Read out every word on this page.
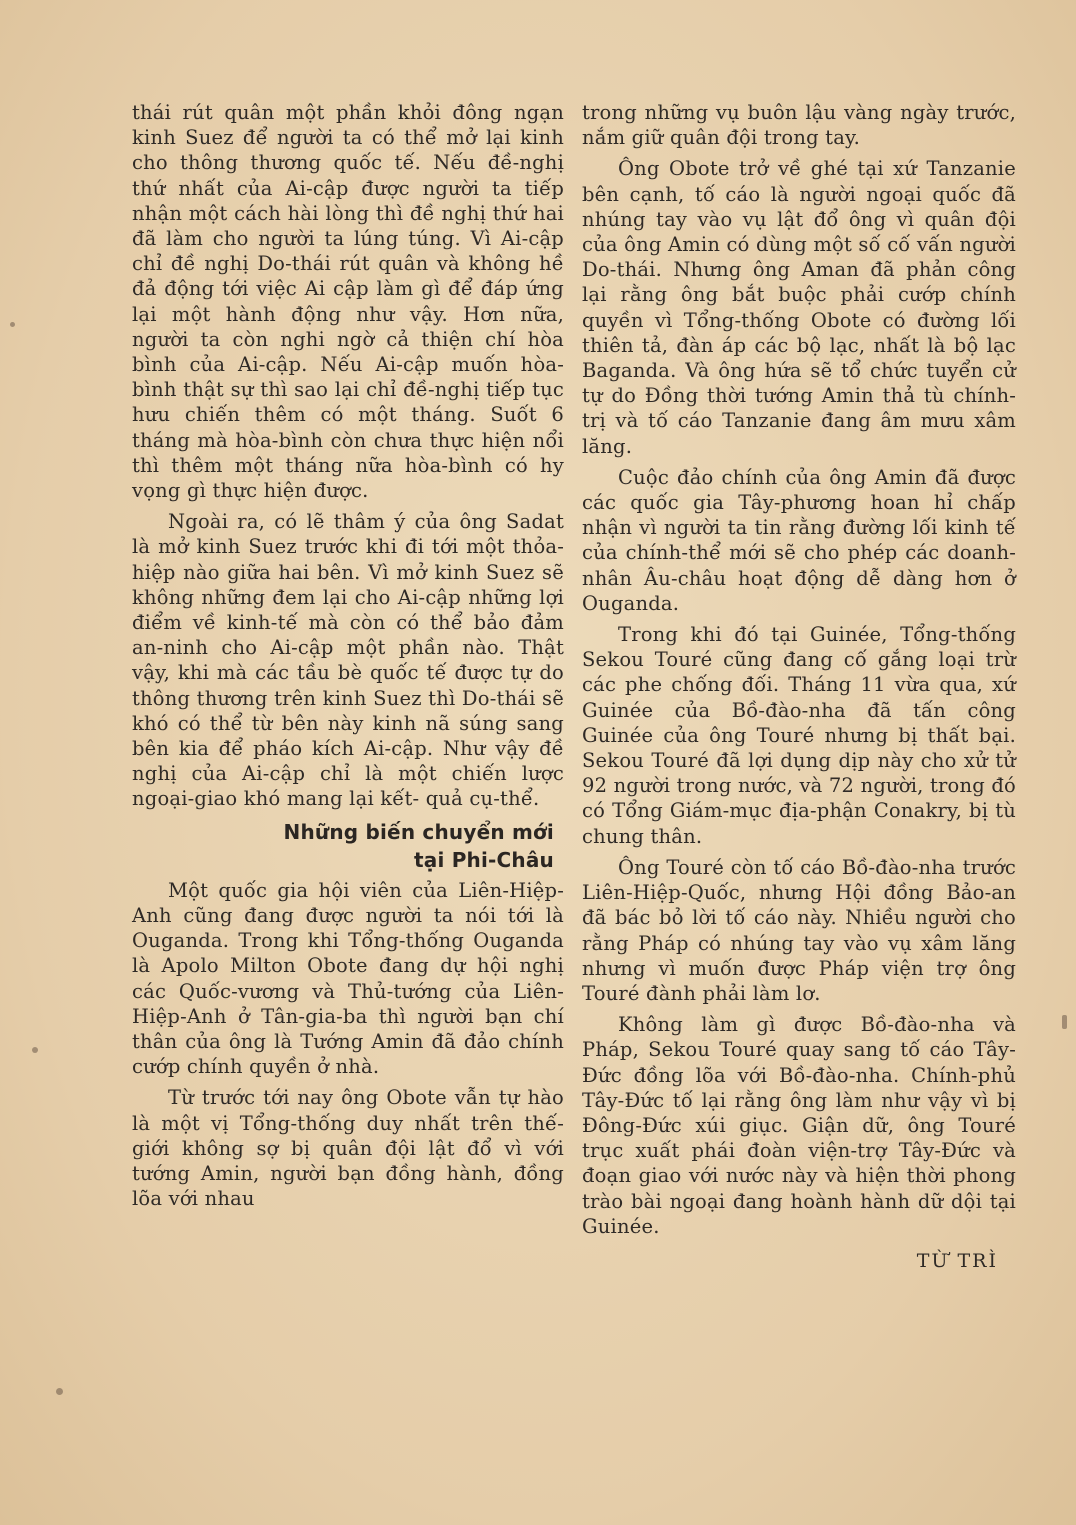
thái rút quân một phần khỏi đông ngạn kinh Suez để người ta có thể mở lại kinh cho thông thương quốc tế. Nếu đề-nghị thứ nhất của Ai-cập được người ta tiếp nhận một cách hài lòng thì đề nghị thứ hai đã làm cho người ta lúng túng. Vì Ai-cập chỉ đề nghị Do-thái rút quân và không hề đả động tới việc Ai cập làm gì để đáp ứng lại một hành động như vậy. Hơn nữa, người ta còn nghi ngờ cả thiện chí hòa bình của Ai-cập. Nếu Ai-cập muốn hòa-bình thật sự thì sao lại chỉ đề-nghị tiếp tục hưu chiến thêm có một tháng. Suốt 6 tháng mà hòa-bình còn chưa thực hiện nổi thì thêm một tháng nữa hòa-bình có hy vọng gì thực hiện được.

Ngoài ra, có lẽ thâm ý của ông Sadat là mở kinh Suez trước khi đi tới một thỏa-hiệp nào giữa hai bên. Vì mở kinh Suez sẽ không những đem lại cho Ai-cập những lợi điểm về kinh-tế mà còn có thể bảo đảm an-ninh cho Ai-cập một phần nào. Thật vậy, khi mà các tầu bè quốc tế được tự do thông thương trên kinh Suez thì Do-thái sẽ khó có thể từ bên này kinh nã súng sang bên kia để pháo kích Ai-cập. Như vậy đề nghị của Ai-cập chỉ là một chiến lược ngoại-giao khó mang lại kết- quả cụ-thể.

Những biến chuyển mới
tại Phi-Châu

Một quốc gia hội viên của Liên-Hiệp-Anh cũng đang được người ta nói tới là Ouganda. Trong khi Tổng-thống Ouganda là Apolo Milton Obote đang dự hội nghị các Quốc-vương và Thủ-tướng của Liên-Hiệp-Anh ở Tân-gia-ba thì người bạn chí thân của ông là Tướng Amin đã đảo chính cướp chính quyền ở nhà.

Từ trước tới nay ông Obote vẫn tự hào là một vị Tổng-thống duy nhất trên thế-giới không sợ bị quân đội lật đổ vì với tướng Amin, người bạn đồng hành, đồng lõa với nhau

trong những vụ buôn lậu vàng ngày trước, nắm giữ quân đội trong tay.

Ông Obote trở về ghé tại xứ Tanzanie bên cạnh, tố cáo là người ngoại quốc đã nhúng tay vào vụ lật đổ ông vì quân đội của ông Amin có dùng một số cố vấn người Do-thái. Nhưng ông Aman đã phản công lại rằng ông bắt buộc phải cướp chính quyền vì Tổng-thống Obote có đường lối thiên tả, đàn áp các bộ lạc, nhất là bộ lạc Baganda. Và ông hứa sẽ tổ chức tuyển cử tự do Đồng thời tướng Amin thả tù chính-trị và tố cáo Tanzanie đang âm mưu xâm lăng.

Cuộc đảo chính của ông Amin đã được các quốc gia Tây-phương hoan hỉ chấp nhận vì người ta tin rằng đường lối kinh tế của chính-thể mới sẽ cho phép các doanh-nhân Âu-châu hoạt động dễ dàng hơn ở Ouganda.

Trong khi đó tại Guinée, Tổng-thống Sekou Touré cũng đang cố gắng loại trừ các phe chống đối. Tháng 11 vừa qua, xứ Guinée của Bồ-đào-nha đã tấn công Guinée của ông Touré nhưng bị thất bại. Sekou Touré đã lợi dụng dịp này cho xử tử 92 người trong nước, và 72 người, trong đó có Tổng Giám-mục địa-phận Conakry, bị tù chung thân.

Ông Touré còn tố cáo Bồ-đào-nha trước Liên-Hiệp-Quốc, nhưng Hội đồng Bảo-an đã bác bỏ lời tố cáo này. Nhiều người cho rằng Pháp có nhúng tay vào vụ xâm lăng nhưng vì muốn được Pháp viện trợ ông Touré đành phải làm lơ.

Không làm gì được Bồ-đào-nha và Pháp, Sekou Touré quay sang tố cáo Tây-Đức đồng lõa với Bồ-đào-nha. Chính-phủ Tây-Đức tố lại rằng ông làm như vậy vì bị Đông-Đức xúi giục. Giận dữ, ông Touré trục xuất phái đoàn viện-trợ Tây-Đức và đoạn giao với nước này và hiện thời phong trào bài ngoại đang hoành hành dữ dội tại Guinée.

TỪ TRÌ
